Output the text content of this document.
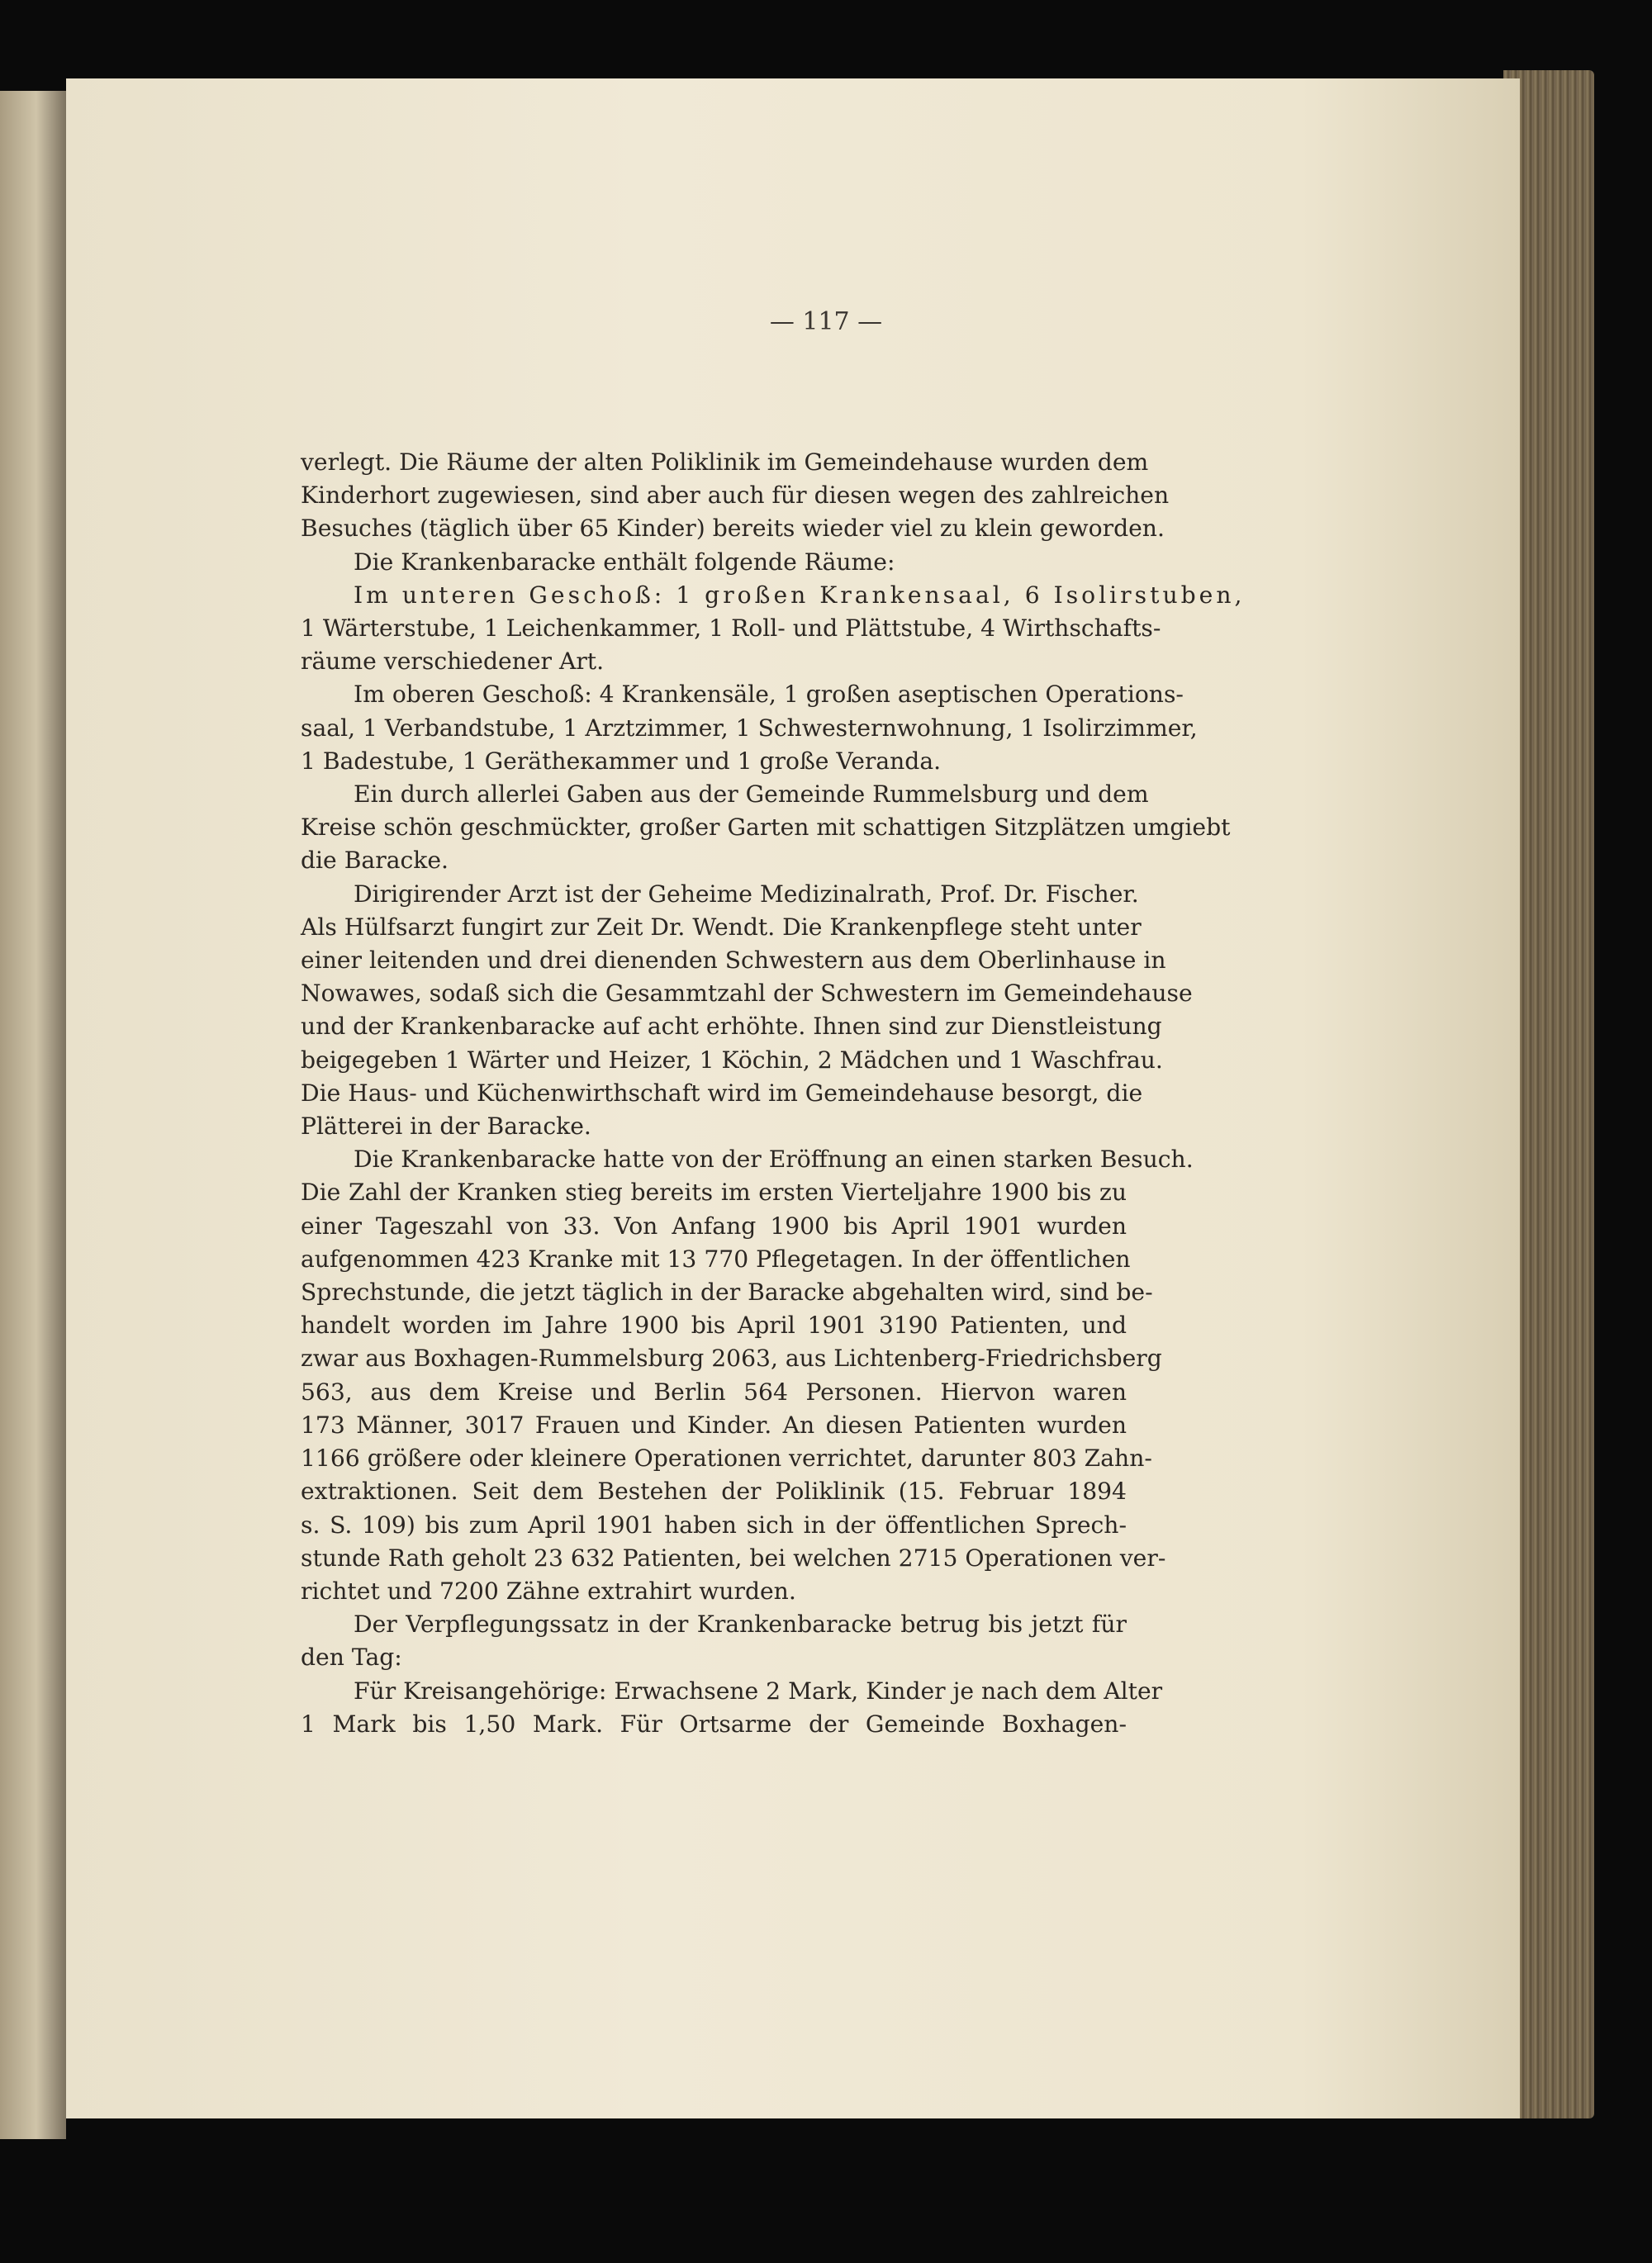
— 117 —
verlegt. Die Räume der alten Poliklinik im Gemeindehause wurden dem
Kinderhort zugewiesen, sind aber auch für diesen wegen des zahlreichen
Besuches (täglich über 65 Kinder) bereits wieder viel zu klein geworden.
Die Krankenbaracke enthält folgende Räume:
Im unteren Geschoß: 1 großen Krankensaal, 6 Isolirstuben,
1 Wärterstube, 1 Leichenkammer, 1 Roll- und Plättstube, 4 Wirthschafts-
räume verschiedener Art.
Im oberen Geschoß: 4 Krankensäle, 1 großen aseptischen Operations-
saal, 1 Verbandstube, 1 Arztzimmer, 1 Schwesternwohnung, 1 Isolirzimmer,
1 Badestube, 1 Gerätheкammer und 1 große Veranda.
Ein durch allerlei Gaben aus der Gemeinde Rummelsburg und dem
Kreise schön geschmückter, großer Garten mit schattigen Sitzplätzen umgiebt
die Baracke.
Dirigirender Arzt ist der Geheime Medizinalrath, Prof. Dr. Fischer.
Als Hülfsarzt fungirt zur Zeit Dr. Wendt. Die Krankenpflege steht unter
einer leitenden und drei dienenden Schwestern aus dem Oberlinhause in
Nowawes, sodaß sich die Gesammtzahl der Schwestern im Gemeindehause
und der Krankenbaracke auf acht erhöhte. Ihnen sind zur Dienstleistung
beigegeben 1 Wärter und Heizer, 1 Köchin, 2 Mädchen und 1 Waschfrau.
Die Haus- und Küchenwirthschaft wird im Gemeindehause besorgt, die
Plätterei in der Baracke.
Die Krankenbaracke hatte von der Eröffnung an einen starken Besuch.
Die Zahl der Kranken stieg bereits im ersten Vierteljahre 1900 bis zu
einer Tageszahl von 33. Von Anfang 1900 bis April 1901 wurden
aufgenommen 423 Kranke mit 13 770 Pflegetagen. In der öffentlichen
Sprechstunde, die jetzt täglich in der Baracke abgehalten wird, sind be-
handelt worden im Jahre 1900 bis April 1901 3190 Patienten, und
zwar aus Boxhagen-Rummelsburg 2063, aus Lichtenberg-Friedrichsberg
563, aus dem Kreise und Berlin 564 Personen. Hiervon waren
173 Männer, 3017 Frauen und Kinder. An diesen Patienten wurden
1166 größere oder kleinere Operationen verrichtet, darunter 803 Zahn-
extraktionen. Seit dem Bestehen der Poliklinik (15. Februar 1894
s. S. 109) bis zum April 1901 haben sich in der öffentlichen Sprech-
stunde Rath geholt 23 632 Patienten, bei welchen 2715 Operationen ver-
richtet und 7200 Zähne extrahirt wurden.
Der Verpflegungssatz in der Krankenbaracke betrug bis jetzt für
den Tag:
Für Kreisangehörige: Erwachsene 2 Mark, Kinder je nach dem Alter
1 Mark bis 1,50 Mark. Für Ortsarme der Gemeinde Boxhagen-
